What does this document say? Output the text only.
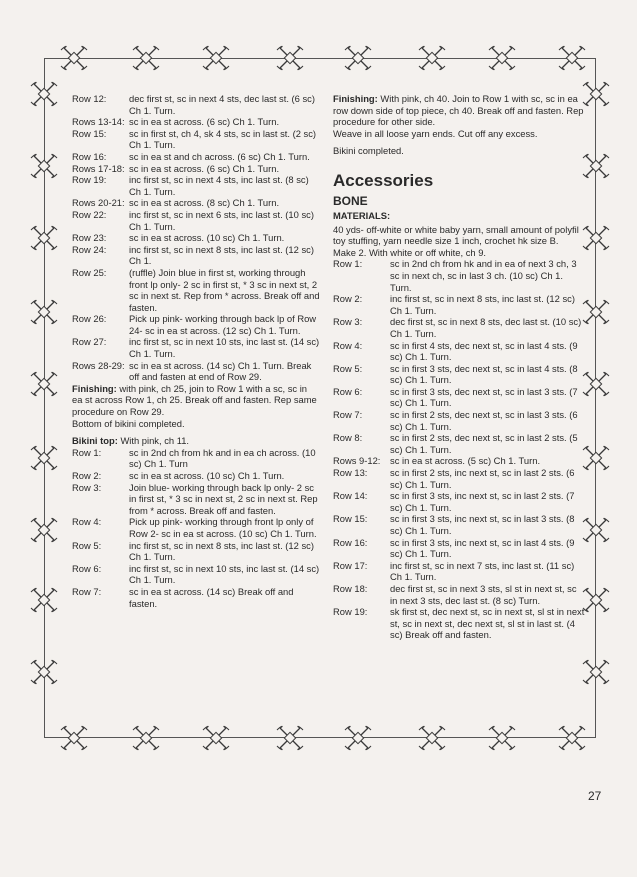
Row 12:	dec first st, sc in next 4 sts, dec last st. (6 sc) Ch 1. Turn.
Rows 13-14: sc in ea st across. (6 sc) Ch 1. Turn.
Row 15:	sc in first st, ch 4, sk 4 sts, sc in last st. (2 sc) Ch 1. Turn.
Row 16:	sc in ea st and ch across. (6 sc) Ch 1. Turn.
Rows 17-18: sc in ea st across. (6 sc) Ch 1. Turn.
Row 19:	inc first st, sc in next 4 sts, inc last st. (8 sc) Ch 1. Turn.
Rows 20-21: sc in ea st across. (8 sc) Ch 1. Turn.
Row 22:	inc first st, sc in next 6 sts, inc last st. (10 sc) Ch 1. Turn.
Row 23:	sc in ea st across. (10 sc) Ch 1. Turn.
Row 24:	inc first st, sc in next 8 sts, inc last st. (12 sc) Ch 1.
Row 25:	(ruffle) Join blue in first st, working through front lp only- 2 sc in first st, * 3 sc in next st, 2 sc in next st. Rep from * across. Break off and fasten.
Row 26:	Pick up pink- working through back lp of Row 24- sc in ea st across. (12 sc) Ch 1. Turn.
Row 27:	inc first st, sc in next 10 sts, inc last st. (14 sc) Ch 1. Turn.
Rows 28-29: sc in ea st across. (14 sc) Ch 1. Turn. Break off and fasten at end of Row 29.

Finishing: with pink, ch 25, join to Row 1 with a sc, sc in ea st across Row 1, ch 25. Break off and fasten. Rep same procedure on Row 29.

Bottom of bikini completed.

Bikini top: With pink, ch 11.

Row 1:	sc in 2nd ch from hk and in ea ch across. (10 sc) Ch 1. Turn
Row 2:	sc in ea st across. (10 sc) Ch 1. Turn.
Row 3:	Join blue- working through back lp only- 2 sc in first st, * 3 sc in next st, 2 sc in next st. Rep from * across. Break off and fasten.
Row 4:	Pick up pink- working through front lp only of Row 2- sc in ea st across. (10 sc) Ch 1. Turn.
Row 5:	inc first st, sc in next 8 sts, inc last st. (12 sc) Ch 1. Turn.
Row 6:	inc first st, sc in next 10 sts, inc last st. (14 sc) Ch 1. Turn.
Row 7:	sc in ea st across. (14 sc) Break off and fasten.

Finishing: With pink, ch 40. Join to Row 1 with sc, sc in ea row down side of top piece, ch 40. Break off and fasten. Rep procedure for other side.

Weave in all loose yarn ends. Cut off any excess.

Bikini completed.

Accessories
BONE
MATERIALS:

40 yds- off-white or white baby yarn, small amount of polyfil toy stuffing, yarn needle size 1 inch, crochet hk size B.

Make 2. With white or off white, ch 9.

Row 1:	sc in 2nd ch from hk and in ea of next 3 ch, 3 sc in next ch, sc in last 3 ch. (10 sc) Ch 1. Turn.
Row 2:	inc first st, sc in next 8 sts, inc last st. (12 sc) Ch 1. Turn.
Row 3:	dec first st, sc in next 8 sts, dec last st. (10 sc) Ch 1. Turn.
Row 4:	sc in first 4 sts, dec next st, sc in last 4 sts. (9 sc) Ch 1. Turn.
Row 5:	sc in first 3 sts, dec next st, sc in last 4 sts. (8 sc) Ch 1. Turn.
Row 6:	sc in first 3 sts, dec next st, sc in last 3 sts. (7 sc) Ch 1. Turn.
Row 7:	sc in first 2 sts, dec next st, sc in last 3 sts. (6 sc) Ch 1. Turn.
Row 8:	sc in first 2 sts, dec next st, sc in last 2 sts. (5 sc) Ch 1. Turn.
Rows 9-12:	sc in ea st across. (5 sc) Ch 1. Turn.
Row 13:	sc in first 2 sts, inc next st, sc in last 2 sts. (6 sc) Ch 1. Turn.
Row 14:	sc in first 3 sts, inc next st, sc in last 2 sts. (7 sc) Ch 1. Turn.
Row 15:	sc in first 3 sts, inc next st, sc in last 3 sts. (8 sc) Ch 1. Turn.
Row 16:	sc in first 3 sts, inc next st, sc in last 4 sts. (9 sc) Ch 1. Turn.
Row 17:	inc first st, sc in next 7 sts, inc last st. (11 sc) Ch 1. Turn.
Row 18:	dec first st, sc in next 3 sts, sl st in next st, sc in next 3 sts, dec last st. (8 sc) Turn.
Row 19:	sk first st, dec next st, sc in next st, sl st in next st, sc in next st, dec next st, sl st in last st. (4 sc) Break off and fasten.
27
